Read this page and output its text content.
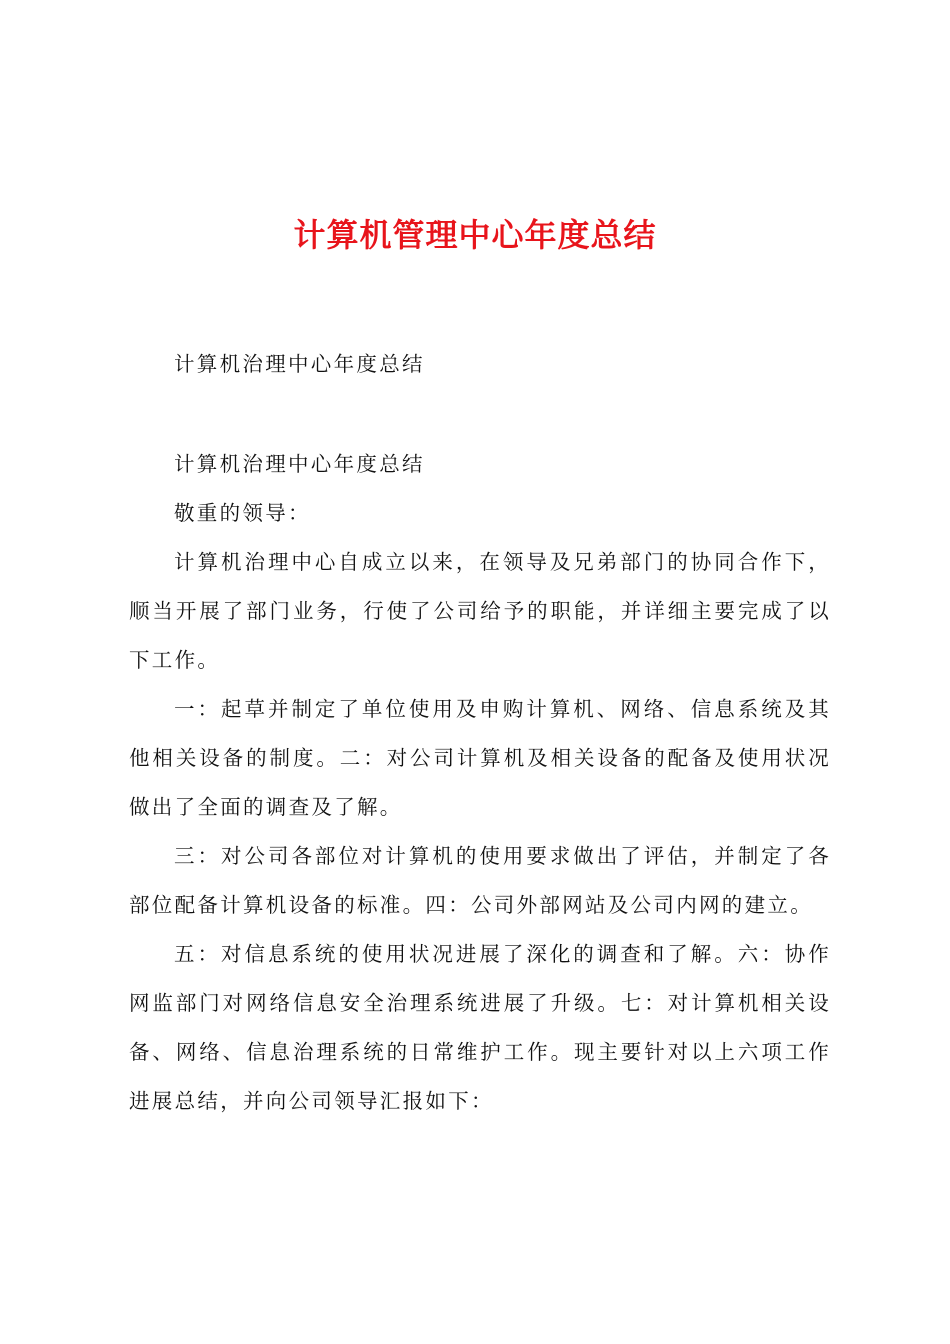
计算机管理中心年度总结

计算机治理中心年度总结

计算机治理中心年度总结

敬重的领导：

计算机治理中心自成立以来，在领导及兄弟部门的协同合作下，顺当开展了部门业务，行使了公司给予的职能，并详细主要完成了以下工作。

一：起草并制定了单位使用及申购计算机、网络、信息系统及其他相关设备的制度。二：对公司计算机及相关设备的配备及使用状况做出了全面的调查及了解。

三：对公司各部位对计算机的使用要求做出了评估，并制定了各部位配备计算机设备的标准。四：公司外部网站及公司内网的建立。

五：对信息系统的使用状况进展了深化的调查和了解。六：协作网监部门对网络信息安全治理系统进展了升级。七：对计算机相关设备、网络、信息治理系统的日常维护工作。现主要针对以上六项工作进展总结，并向公司领导汇报如下：
